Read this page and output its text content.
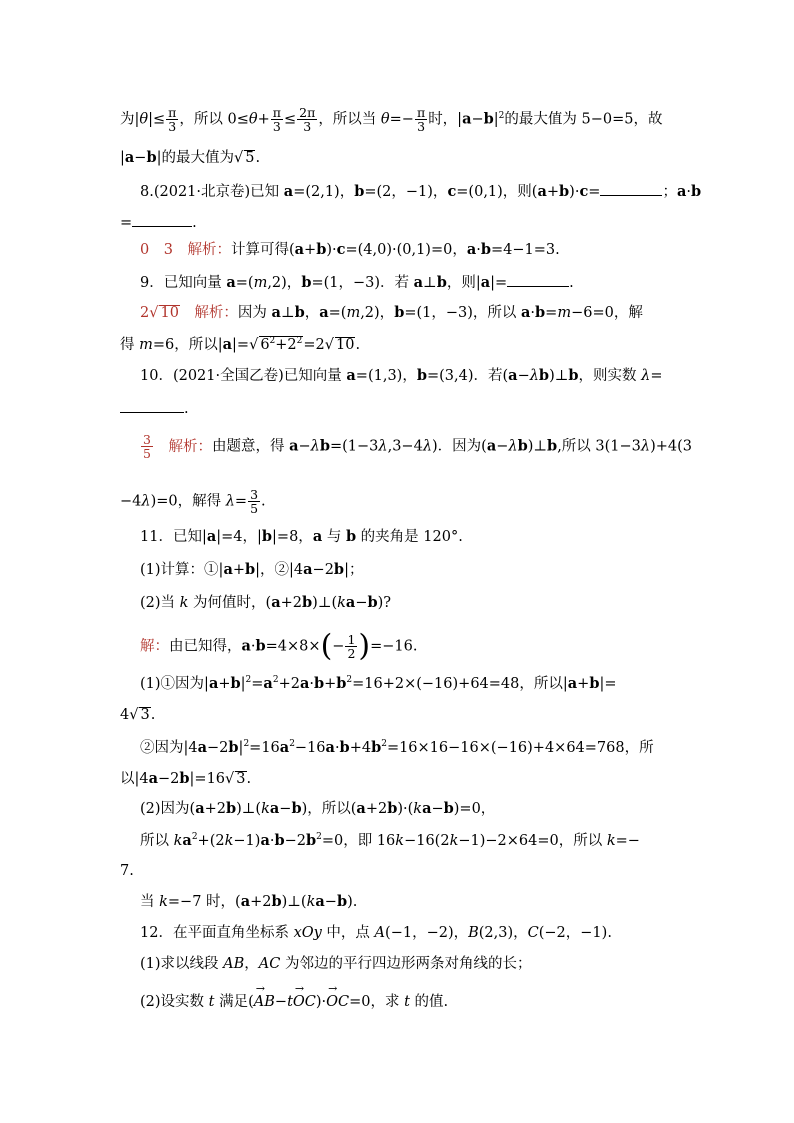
为$|\theta|\le \frac{\pi}{3}$ ，所以 $0\le\theta+ \frac{\pi}{3} \le \frac{2\pi}{3}$ ，所以当 $\theta=- \frac{\pi}{3}$ 时，$|a-b|^2$的最大值为 5−0=5，故
|a−b|的最大值为√ 5.
8.(2021·北京卷)已知 a=(2,1)，b=(2，−1)，c=(0,1)，则(a+b)·c=	；a·b
=	.
0　3　解析：计算可得(a+b)·c=(4,0)·(0,1)=0，a·b=4−1=3.
9．已知向量 a=(m,2)，b=(1，−3)．若 a⊥b，则|a|=	.
2√ 10　解析：因为 a⊥b，a=(m,2)，b=(1，−3)，所以 a·b=m−6=0，解
得 m=6，所以|a|=√ $6^2+2^2=2√$ 10.
10．(2021·全国乙卷)已知向量 a=(1,3)，b=(3,4)．若(a−λb)⊥b，则实数 λ=
.
$\frac{3}{5}$ 　解析：由题意，得 a−λb=(1−3λ,3−4λ)．因为(a−λb)⊥b,所以 3(1−3λ)+4(3
−4λ)=0，解得 $\lambda= \frac{3}{5}$ .
11．已知|a|=4，|b|=8，a 与 b 的夹角是 120°.
(1)计算：①|a+b|，②|4a−2b|；
(2)当 k 为何值时，(a+2b)⊥(ka−b)?
解：由已知得，$a\cdot b=4\times 8\times(- \frac{1}{2} )=-16$.
(1)①因为$|a+b|^2=a^2+2a\cdot b+b^2=16+2\times(-16)+64=48$，所以|a+b|=
4√ 3.
②因为$|4a-2b|^2=16a^2-16a\cdot b+4b^2=16\times 16-16\times(-16)+4\times 64=768$，所
以|4a−2b|=16√ 3.
(2)因为(a+2b)⊥(ka−b)，所以(a+2b)·(ka−b)=0，
所以 $ka^2+(2k-1)a\cdot b-2b^2=0$，即 16k−16(2k−1)−2×64=0，所以 k=−
7.
当 k=−7 时，(a+2b)⊥(ka−b).
12．在平面直角坐标系 xOy 中，点 A(−1，−2)，B(2,3)，C(−2，−1).
(1)求以线段 AB，AC 为邻边的平行四边形两条对角线的长；
(2)设实数 t 满足(→ AB−t→ OC)·→ OC=0，求 t 的值.
